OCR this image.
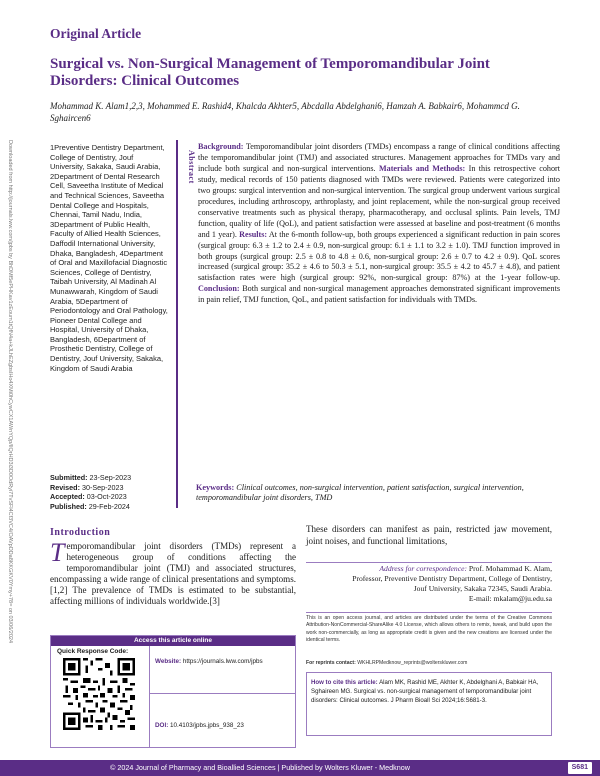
Downloaded from http://journals.lww.com/jpbs by BhDMf5ePHKav1zEoum1tQfN4a+kJLhEZgbsIHo4XMi0hCywCX1AWnYQp/IlQrHD3i3D0OdRyi7TvSFl4Cf3VC4/OAVpDDa8KKGKV0Ymy+78= on 03/06/2024
Original Article
Surgical vs. Non-Surgical Management of Temporomandibular Joint Disorders: Clinical Outcomes
Mohammad K. Alam1,2,3, Mohammed E. Rashid4, Khalcda Akhter5, Abcdalla Abdelghani6, Hamzah A. Babkair6, Mohammcd G. Sghaircen6
1Preventive Dentistry Department, College of Dentistry, Jouf University, Sakaka, Saudi Arabia, 2Department of Dental Research Cell, Saveetha Institute of Medical and Technical Sciences, Saveetha Dental College and Hospitals, Chennai, Tamil Nadu, India, 3Department of Public Health, Faculty of Allied Health Sciences, Daffodil International University, Dhaka, Bangladesh, 4Department of Oral and Maxillofacial Diagnostic Sciences, College of Dentistry, Taibah University, Al Madinah Al Munawwarah, Kingdom of Saudi Arabia, 5Department of Periodontology and Oral Pathology, Pioneer Dental College and Hospital, University of Dhaka, Bangladesh, 6Department of Prosthetic Dentistry, College of Dentistry, Jouf University, Sakaka, Kingdom of Saudi Arabia
Submitted: 23-Sep-2023
Revised: 30-Sep-2023
Accepted: 03-Oct-2023
Published: 29-Feb-2024
Abstract
Background: Temporomandibular joint disorders (TMDs) encompass a range of clinical conditions affecting the temporomandibular joint (TMJ) and associated structures. Management approaches for TMDs vary and include both surgical and non-surgical interventions. Materials and Methods: In this retrospective cohort study, medical records of 150 patients diagnosed with TMDs were reviewed. Patients were categorized into two groups: surgical intervention and non-surgical intervention. The surgical group underwent various surgical procedures, including arthroscopy, arthroplasty, and joint replacement, while the non-surgical group received conservative treatments such as physical therapy, pharmacotherapy, and occlusal splints. Pain levels, TMJ function, quality of life (QoL), and patient satisfaction were assessed at baseline and post-treatment (6 months and 1 year). Results: At the 6-month follow-up, both groups experienced a significant reduction in pain scores (surgical group: 6.3 ± 1.2 to 2.4 ± 0.9, non-surgical group: 6.1 ± 1.1 to 3.2 ± 1.0). TMJ function improved in both groups (surgical group: 2.5 ± 0.8 to 4.8 ± 0.6, non-surgical group: 2.6 ± 0.7 to 4.2 ± 0.9). QoL scores increased (surgical group: 35.2 ± 4.6 to 50.3 ± 5.1, non-surgical group: 35.5 ± 4.2 to 45.7 ± 4.8), and patient satisfaction rates were high (surgical group: 92%, non-surgical group: 87%) at the 1-year follow-up. Conclusion: Both surgical and non-surgical management approaches demonstrated significant improvements in pain relief, TMJ function, QoL, and patient satisfaction for individuals with TMDs.
Keywords: Clinical outcomes, non-surgical intervention, patient satisfaction, surgical intervention, temporomandibular joint disorders, TMD
Introduction
Temporomandibular joint disorders (TMDs) represent a heterogeneous group of conditions affecting the temporomandibular joint (TMJ) and associated structures, encompassing a wide range of clinical presentations and symptoms.[1,2] The prevalence of TMDs is estimated to be substantial, affecting millions of individuals worldwide.[3]
These disorders can manifest as pain, restricted jaw movement, joint noises, and functional limitations,
Access this article online
Quick Response Code:
Website: https://journals.lww.com/jpbs
DOI: 10.4103/jpbs.jpbs_938_23
Address for correspondence: Prof. Mohammad K. Alam,
Professor, Preventive Dentistry Department, College of Dentistry,
Jouf University, Sakaka 72345, Saudi Arabia.
E-mail: mkalam@ju.edu.sa
This is an open access journal, and articles are distributed under the terms of the Creative Commons Attribution-NonCommercial-ShareAlike 4.0 License, which allows others to remix, tweak, and build upon the work non-commercially, as long as appropriate credit is given and the new creations are licensed under the identical terms.
For reprints contact: WKHLRPMedknow_reprints@wolterskluwer.com
How to cite this article: Alam MK, Rashid ME, Akhter K, Abdelghani A, Babkair HA, Sghaireen MG. Surgical vs. non-surgical management of temporomandibular joint disorders: Clinical outcomes. J Pharm Bioall Sci 2024;16:S681-3.
© 2024 Journal of Pharmacy and Bioallied Sciences | Published by Wolters Kluwer - Medknow	S681
